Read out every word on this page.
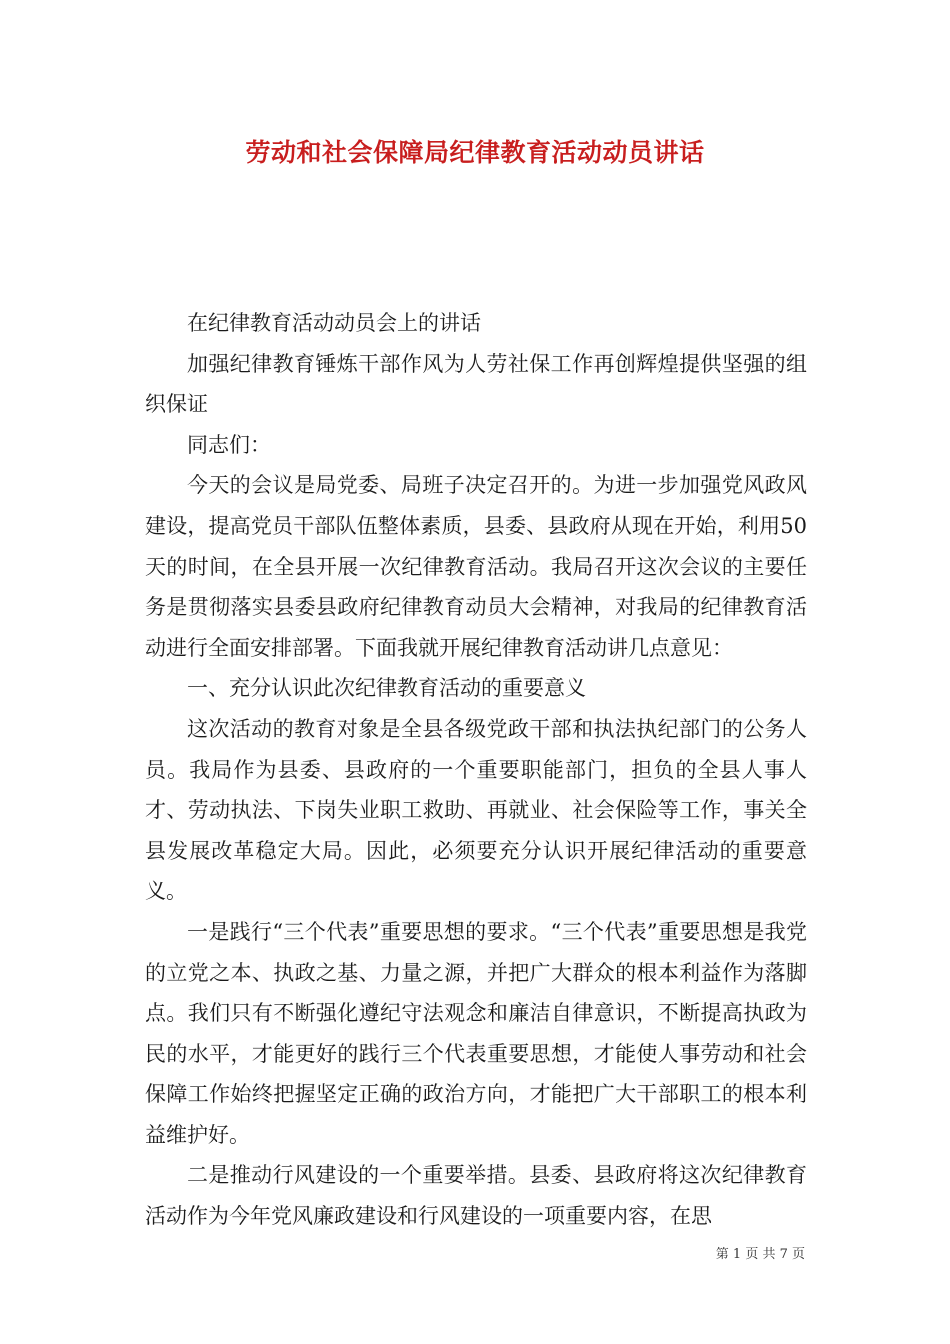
劳动和社会保障局纪律教育活动动员讲话

在纪律教育活动动员会上的讲话

加强纪律教育锤炼干部作风为人劳社保工作再创辉煌提供坚强的组织保证

同志们：

今天的会议是局党委、局班子决定召开的。为进一步加强党风政风建设，提高党员干部队伍整体素质，县委、县政府从现在开始，利用50天的时间，在全县开展一次纪律教育活动。我局召开这次会议的主要任务是贯彻落实县委县政府纪律教育动员大会精神，对我局的纪律教育活动进行全面安排部署。下面我就开展纪律教育活动讲几点意见：

一、充分认识此次纪律教育活动的重要意义

这次活动的教育对象是全县各级党政干部和执法执纪部门的公务人员。我局作为县委、县政府的一个重要职能部门，担负的全县人事人才、劳动执法、下岗失业职工救助、再就业、社会保险等工作，事关全县发展改革稳定大局。因此，必须要充分认识开展纪律活动的重要意义。

一是践行“三个代表”重要思想的要求。“三个代表”重要思想是我党的立党之本、执政之基、力量之源，并把广大群众的根本利益作为落脚点。我们只有不断强化遵纪守法观念和廉洁自律意识，不断提高执政为民的水平，才能更好的践行三个代表重要思想，才能使人事劳动和社会保障工作始终把握坚定正确的政治方向，才能把广大干部职工的根本利益维护好。

二是推动行风建设的一个重要举措。县委、县政府将这次纪律教育活动作为今年党风廉政建设和行风建设的一项重要内容，在思

第 1 页 共 7 页
